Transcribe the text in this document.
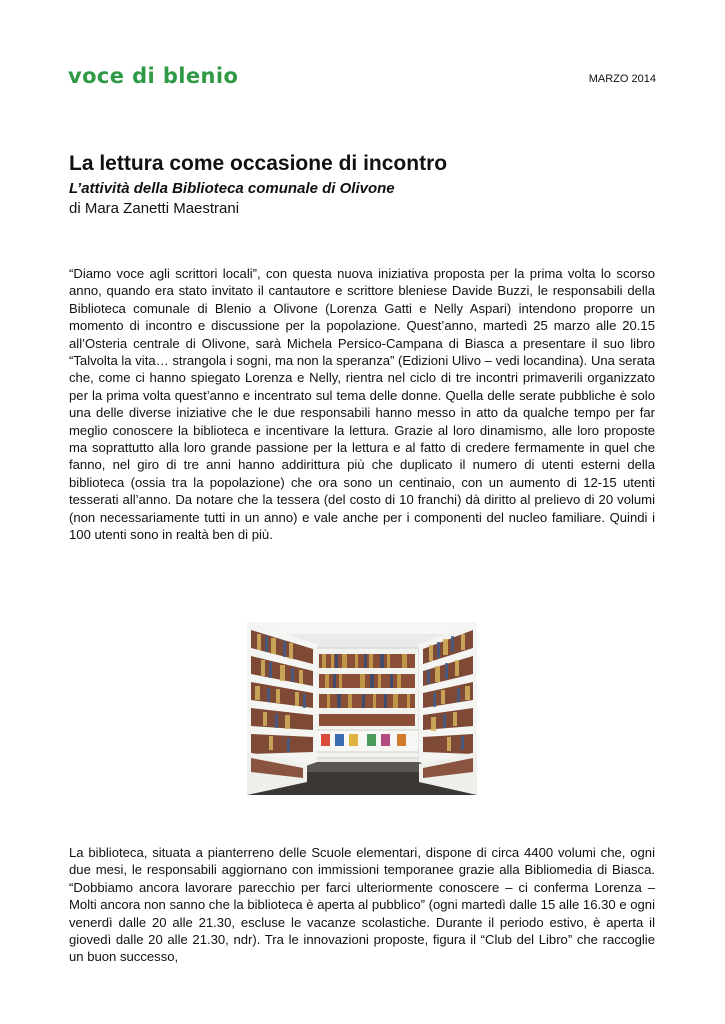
voce di blenio	MARZO 2014
La lettura come occasione di incontro
L’attività della Biblioteca comunale di Olivone

di Mara Zanetti Maestrani

“Diamo voce agli scrittori locali”, con questa nuova iniziativa proposta per la prima volta lo scorso anno, quando era stato invitato il cantautore e scrittore bleniese Davide Buzzi, le responsabili della Biblioteca comunale di Blenio a Olivone (Lorenza Gatti e Nelly Aspari) intendono proporre un momento di incontro e discussione per la popolazione. Quest’anno, martedì 25 marzo alle 20.15 all’Osteria centrale di Olivone, sarà Michela Persico-Campana di Biasca a presentare il suo libro “Talvolta la vita… strangola i sogni, ma non la speranza” (Edizioni Ulivo – vedi locandina). Una serata che, come ci hanno spiegato Lorenza e Nelly, rientra nel ciclo di tre incontri primaverili organizzato per la prima volta quest’anno e incentrato sul tema delle donne. Quella delle serate pubbliche è solo una delle diverse iniziative che le due responsabili hanno messo in atto da qualche tempo per far meglio conoscere la biblioteca e incentivare la lettura. Grazie al loro dinamismo, alle loro proposte ma soprattutto alla loro grande passione per la lettura e al fatto di credere fermamente in quel che fanno, nel giro di tre anni hanno addirittura più che duplicato il numero di utenti esterni della biblioteca (ossia tra la popolazione) che ora sono un centinaio, con un aumento di 12-15 utenti tesserati all’anno. Da notare che la tessera (del costo di 10 franchi) dà diritto al prelievo di 20 volumi (non necessariamente tutti in un anno) e vale anche per i componenti del nucleo familiare. Quindi i 100 utenti sono in realtà ben di più.

La biblioteca, situata a pianterreno delle Scuole elementari, dispone di circa 4400 volumi che, ogni due mesi, le responsabili aggiornano con immissioni temporanee grazie alla Bibliomedia di Biasca. “Dobbiamo ancora lavorare parecchio per farci ulteriormente conoscere – ci conferma Lorenza – Molti ancora non sanno che la biblioteca è aperta al pubblico” (ogni martedì dalle 15 alle 16.30 e ogni venerdì dalle 20 alle 21.30, escluse le vacanze scolastiche. Durante il periodo estivo, è aperta il giovedì dalle 20 alle 21.30, ndr). Tra le innovazioni proposte, figura il “Club del Libro” che raccoglie un buon successo,
